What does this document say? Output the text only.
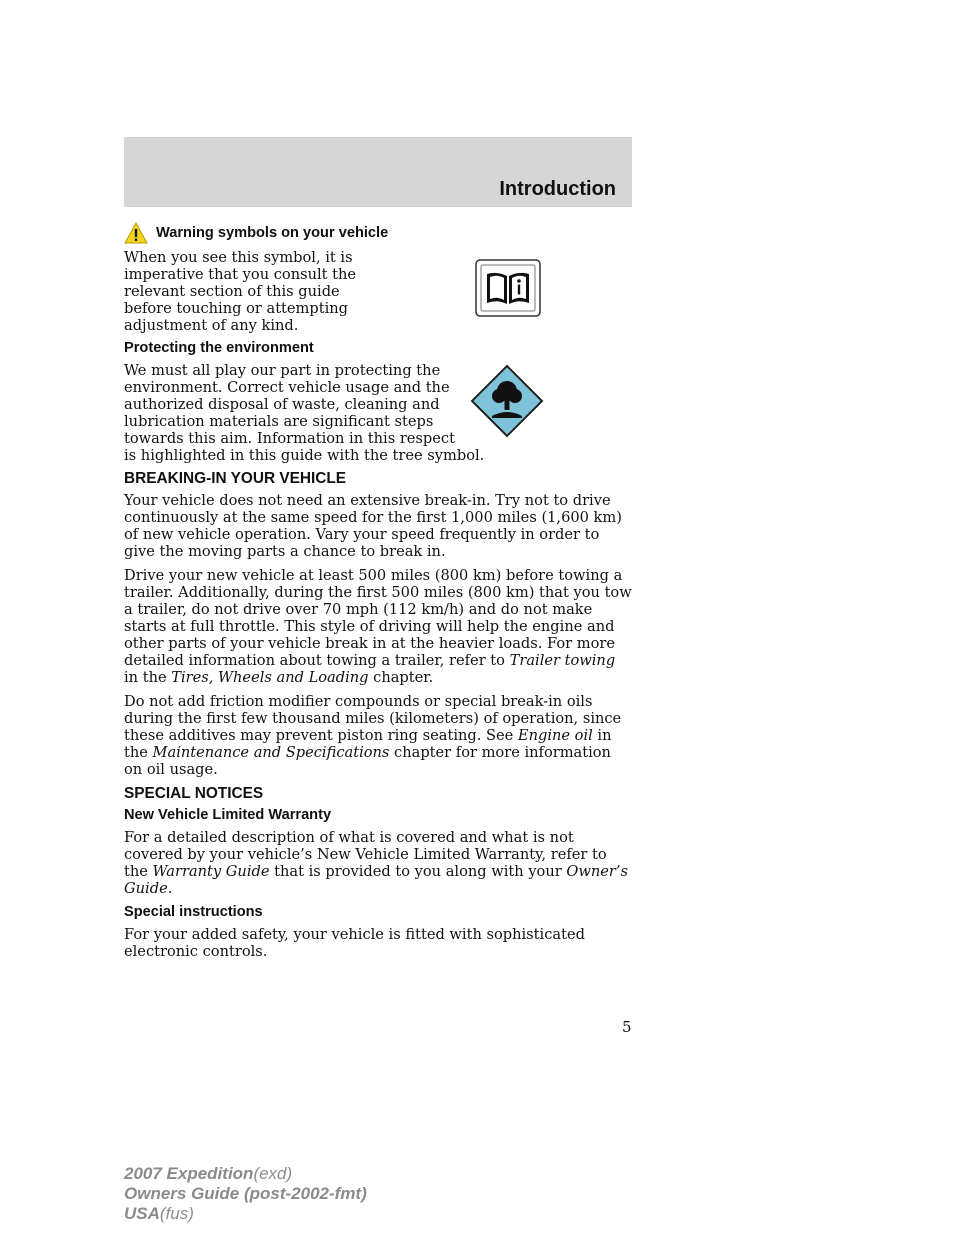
Introduction
Warning symbols on your vehicle

When you see this symbol, it is imperative that you consult the relevant section of this guide before touching or attempting adjustment of any kind.

Protecting the environment

We must all play our part in protecting the environment. Correct vehicle usage and the authorized disposal of waste, cleaning and lubrication materials are significant steps towards this aim. Information in this respect is highlighted in this guide with the tree symbol.

BREAKING-IN YOUR VEHICLE

Your vehicle does not need an extensive break-in. Try not to drive continuously at the same speed for the first 1,000 miles (1,600 km) of new vehicle operation. Vary your speed frequently in order to give the moving parts a chance to break in.

Drive your new vehicle at least 500 miles (800 km) before towing a trailer. Additionally, during the first 500 miles (800 km) that you tow a trailer, do not drive over 70 mph (112 km/h) and do not make starts at full throttle. This style of driving will help the engine and other parts of your vehicle break in at the heavier loads. For more detailed information about towing a trailer, refer to Trailer towing in the Tires, Wheels and Loading chapter.

Do not add friction modifier compounds or special break-in oils during the first few thousand miles (kilometers) of operation, since these additives may prevent piston ring seating. See Engine oil in the Maintenance and Specifications chapter for more information on oil usage.

SPECIAL NOTICES
New Vehicle Limited Warranty

For a detailed description of what is covered and what is not covered by your vehicle’s New Vehicle Limited Warranty, refer to the Warranty Guide that is provided to you along with your Owner’s Guide.

Special instructions

For your added safety, your vehicle is fitted with sophisticated electronic controls.

5
2007 Expedition(exd)
Owners Guide (post-2002-fmt)
USA(fus)
